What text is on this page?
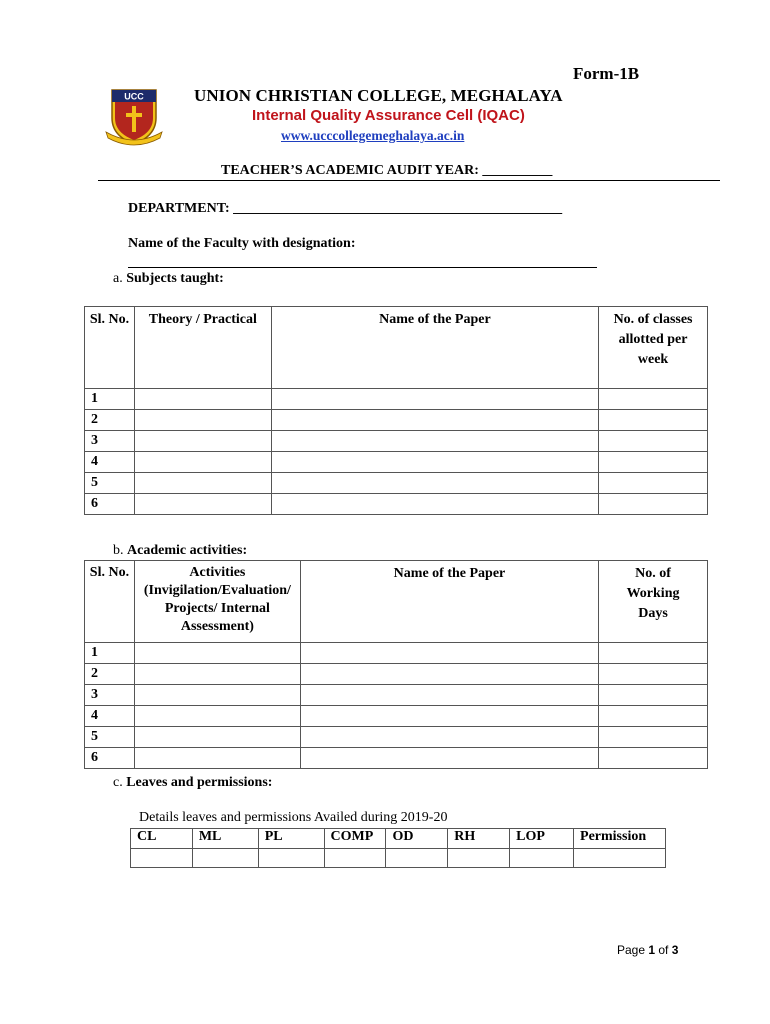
Form-1B
UCC	UNION CHRISTIAN COLLEGE, MEGHALAYA
Internal Quality Assurance Cell (IQAC)
www.ucccollegemeghalaya.ac.in
TEACHER’S ACADEMIC AUDIT YEAR: __________
DEPARTMENT: _______________________________________________
Name of the Faculty with designation:
a. Subjects taught:
Sl. No.	Theory / Practical	Name of the Paper	No. of classes allotted per week
1			
2			
3			
4			
5			
6			
b. Academic activities:
Sl. No.	Activities (Invigilation/Evaluation/ Projects/ Internal Assessment)	Name of the Paper	No. of Working Days
1			
2			
3			
4			
5			
6			
c. Leaves and permissions:
Details leaves and permissions Availed during 2019-20
CL	ML	PL	COMP	OD	RH	LOP	Permission

Page 1 of 3
